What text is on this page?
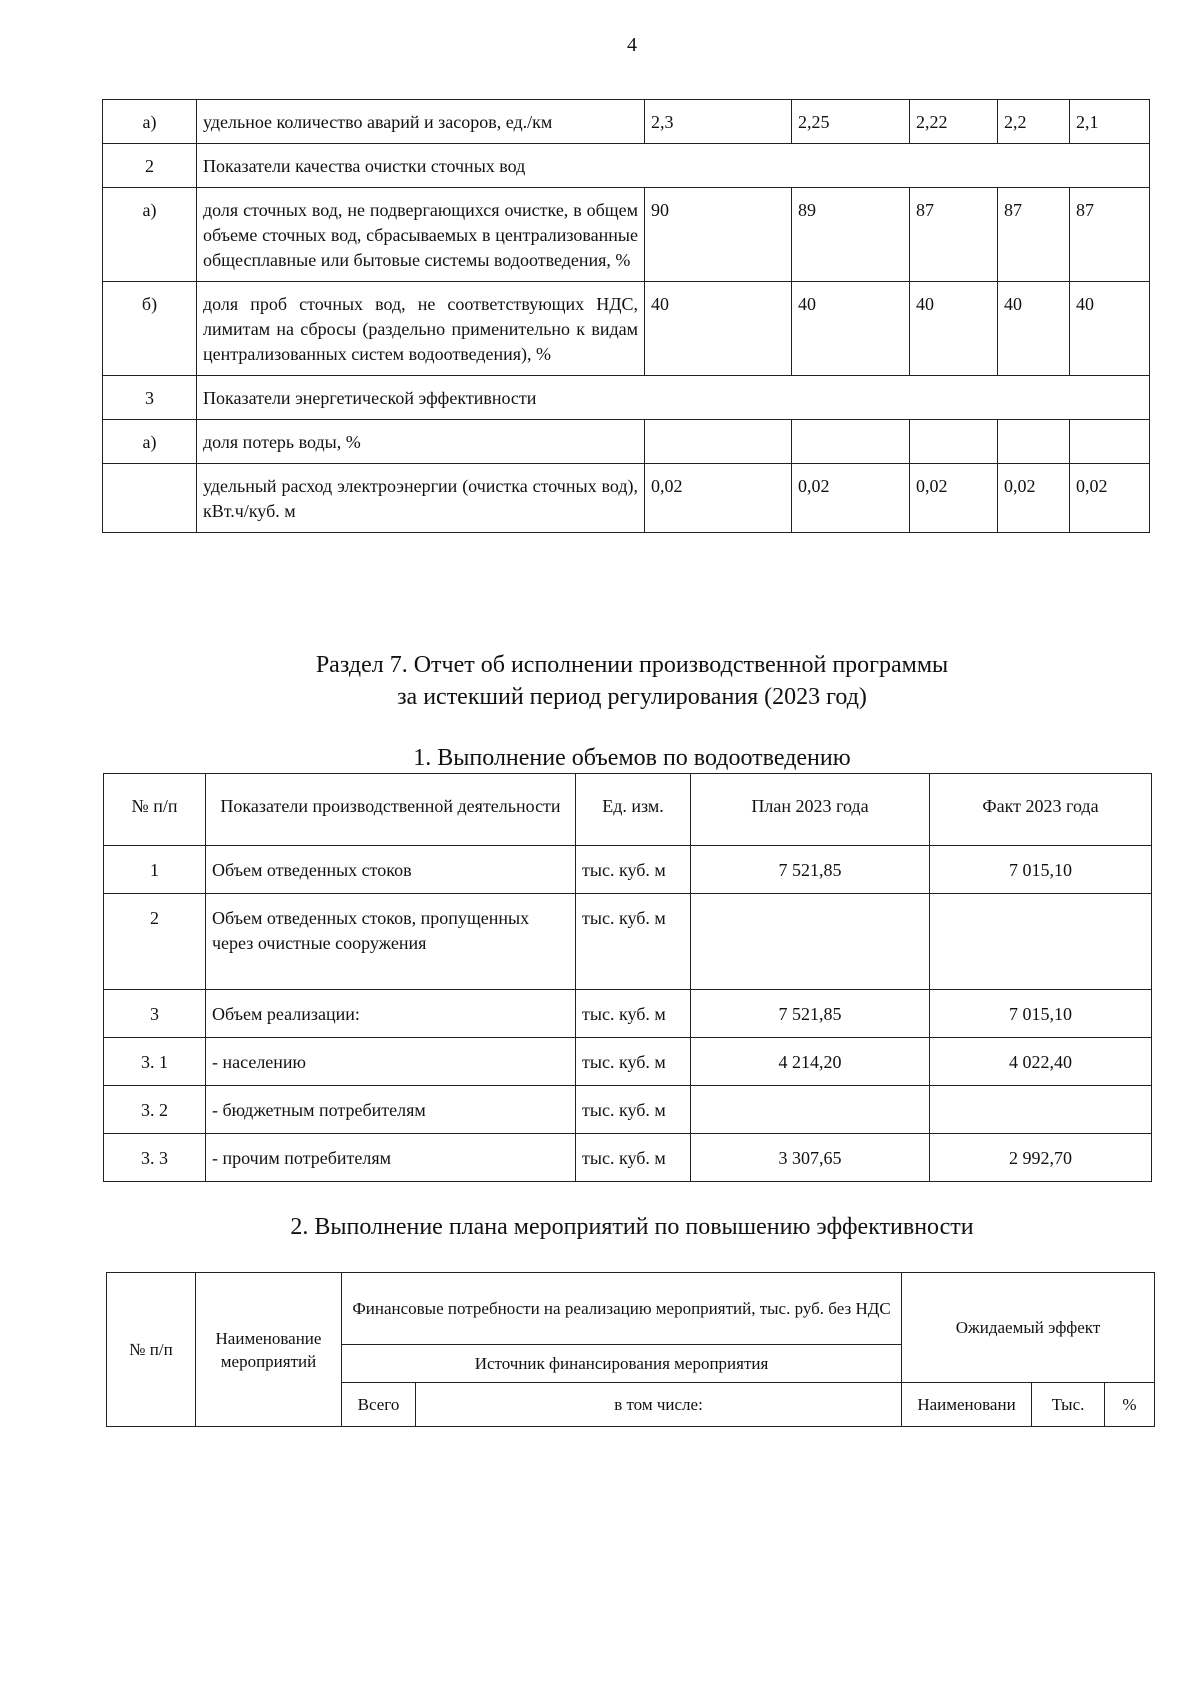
4
а)	удельное количество аварий и засоров, ед./км	2,3	2,25	2,22	2,2	2,1
2	Показатели качества очистки сточных вод					
а)	доля сточных вод, не подвергающихся очистке, в общем объеме сточных вод, сбрасываемых в централизованные общесплавные или бытовые системы водоотведения, %	90	89	87	87	87
б)	доля проб сточных вод, не соответствующих НДС, лимитам на сбросы (раздельно применительно к видам централизованных систем водоотведения), %	40	40	40	40	40
3	Показатели энергетической эффективности					
а)	доля потерь воды, %					
	удельный расход электроэнергии (очистка сточных вод), кВт.ч/куб. м	0,02	0,02	0,02	0,02	0,02
Раздел 7. Отчет об исполнении производственной программы
за истекший период регулирования (2023 год)
1. Выполнение объемов по водоотведению
№ п/п	Показатели производственной деятельности	Ед. изм.	План 2023 года	Факт 2023 года
1	Объем отведенных стоков	тыс. куб. м	7 521,85	7 015,10
2	Объем отведенных стоков, пропущенных через очистные сооружения	тыс. куб. м		
3	Объем реализации:	тыс. куб. м	7 521,85	7 015,10
3. 1	- населению	тыс. куб. м	4 214,20	4 022,40
3. 2	- бюджетным потребителям	тыс. куб. м		
3. 3	- прочим потребителям	тыс. куб. м	3 307,65	2 992,70
2. Выполнение плана мероприятий по повышению эффективности
№ п/п	Наименование мероприятий	Финансовые потребности на реализацию мероприятий, тыс. руб. без НДС		Ожидаемый эффект		
		Источник финансирования мероприятия				
		Всего	в том числе:	Наименовани	Тыс.	%
